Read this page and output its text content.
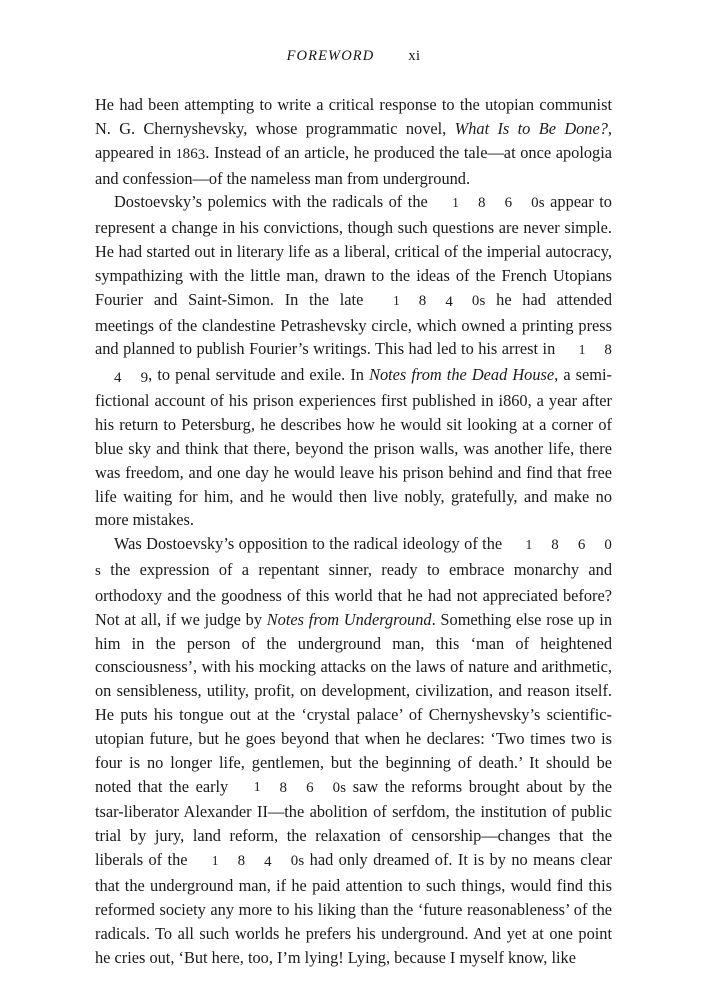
FOREWORD xi

He had been attempting to write a critical response to the utopian communist N. G. Chernyshevsky, whose programmatic novel, What Is to Be Done?, appeared in 1863. Instead of an article, he produced the tale—at once apologia and confession—of the nameless man from underground.

Dostoevsky’s polemics with the radicals of the 1 8 6 0s appear to represent a change in his convictions, though such questions are never simple. He had started out in literary life as a liberal, critical of the imperial autocracy, sympathizing with the little man, drawn to the ideas of the French Utopians Fourier and Saint-Simon. In the late 1 8 4 0s he had attended meetings of the clandestine Petrashevsky circle, which owned a printing press and planned to publish Fourier’s writings. This had led to his arrest in 1 84 9, to penal servitude and exile. In Notes from the Dead House, a semi-fictional account of his prison experiences first published in i860, a year after his return to Petersburg, he describes how he would sit looking at a corner of blue sky and think that there, beyond the prison walls, was another life, there was freedom, and one day he would leave his prison behind and find that free life waiting for him, and he would then live nobly, gratefully, and make no more mistakes.

Was Dostoevsky’s opposition to the radical ideology of the 1 8 6 0s the expression of a repentant sinner, ready to embrace monarchy and orthodoxy and the goodness of this world that he had not appreciated before? Not at all, if we judge by Notes from Underground. Something else rose up in him in the person of the underground man, this ‘man of heightened consciousness’, with his mocking attacks on the laws of nature and arithmetic, on sensibleness, utility, profit, on development, civilization, and reason itself. He puts his tongue out at the ‘crystal palace’ of Chernyshevsky’s scientific-utopian future, but he goes beyond that when he declares: ‘Two times two is four is no longer life, gentlemen, but the beginning of death.’ It should be noted that the early 1 8 6 0s saw the reforms brought about by the tsar-liberator Alexander II—the abolition of serfdom, the institution of public trial by jury, land reform, the relaxation of censorship—changes that the liberals of the 1 8 4 0s had only dreamed of. It is by no means clear that the underground man, if he paid attention to such things, would find this reformed society any more to his liking than the ‘future reasonableness’ of the radicals. To all such worlds he prefers his underground. And yet at one point he cries out, ‘But here, too, I’m lying! Lying, because I myself know, like
